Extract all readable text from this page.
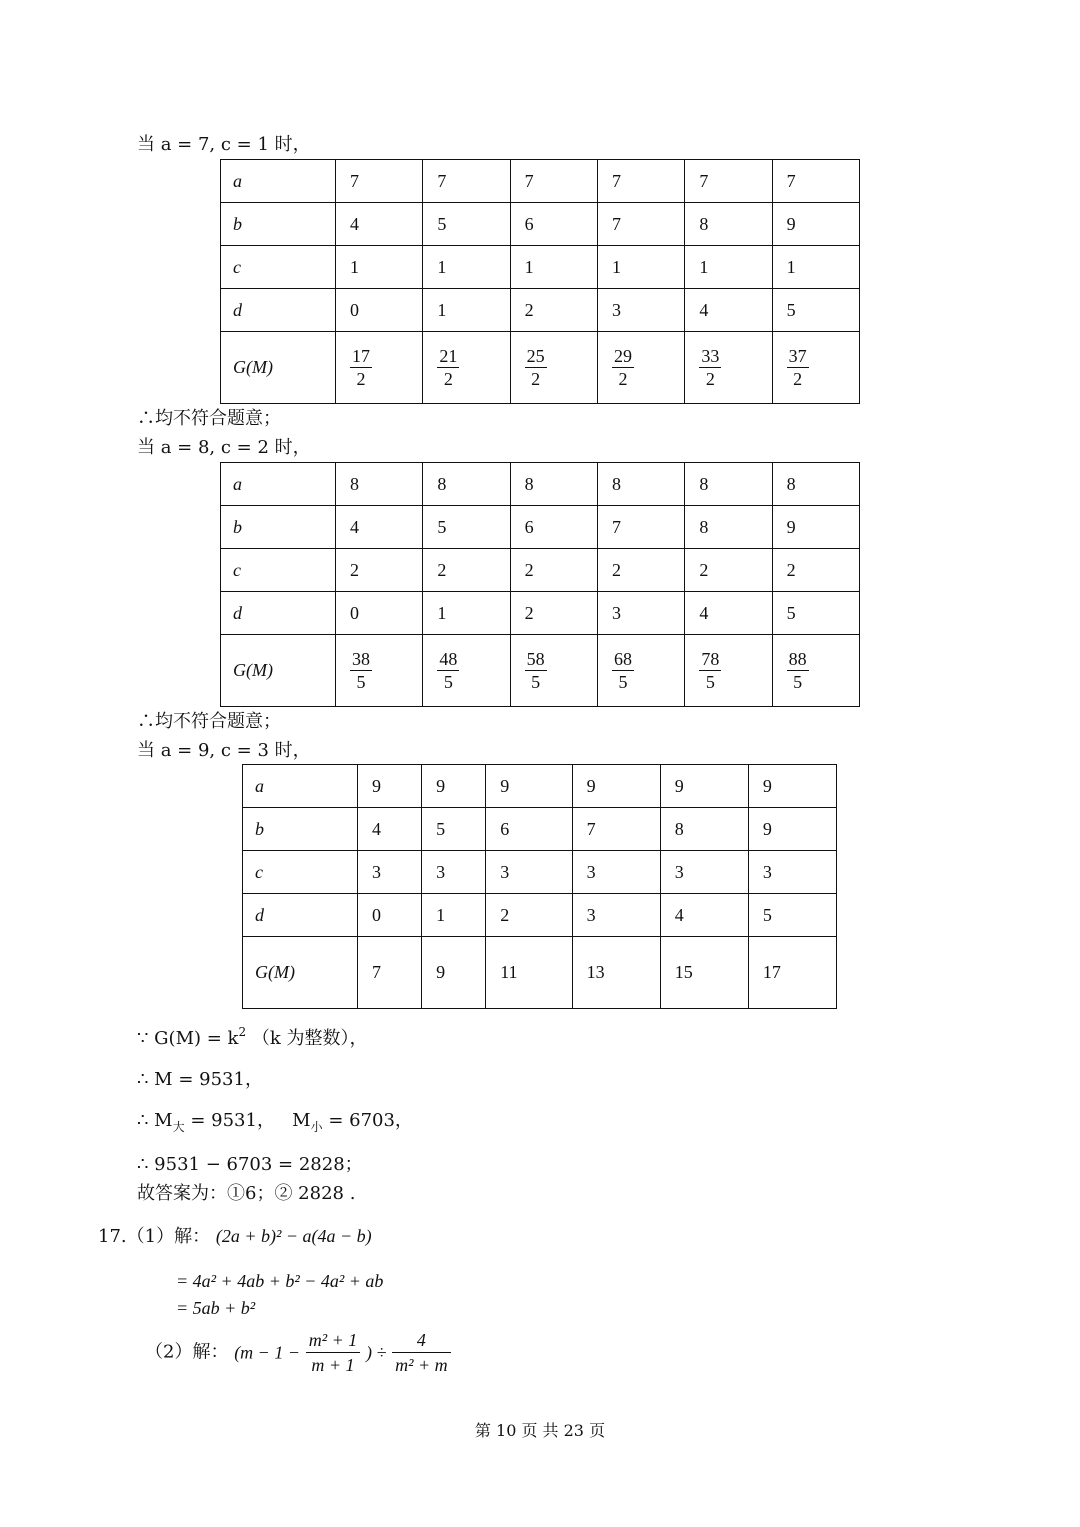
当 a = 7, c = 1 时，
a	7	7	7	7	7	7
b	4	5	6	7	8	9
c	1	1	1	1	1	1
d	0	1	2	3	4	5
G(M)	$\frac{17}{2}$	$\frac{21}{2}$	$\frac{25}{2}$	$\frac{29}{2}$	$\frac{33}{2}$	$\frac{37}{2}$
∴均不符合题意；
当 a = 8, c = 2 时，
a	8	8	8	8	8	8
b	4	5	6	7	8	9
c	2	2	2	2	2	2
d	0	1	2	3	4	5
G(M)	$\frac{38}{5}$	$\frac{48}{5}$	$\frac{58}{5}$	$\frac{68}{5}$	$\frac{78}{5}$	$\frac{88}{5}$
∴均不符合题意；
当 a = 9, c = 3 时，
a	9	9	9	9	9	9
b	4	5	6	7	8	9
c	3	3	3	3	3	3
d	0	1	2	3	4	5
G(M)	7	9	11	13	15	17
∵ $G(M) = k^2$ （k 为整数），
∴ M = 9531，
∴ $M_大 = 9531$， $M_小 = 6703$，
∴ 9531 − 6703 = 2828；
故答案为：①6；② 2828 .
17.（1）解： (2a + b)² − a(4a − b)
= 4a² + 4ab + b² − 4a² + ab
= 5ab + b²
（2）解： ($m - 1 - \frac{\text{m² + 1}}{m + 1}$ ) ÷ $\frac{4}{\text{m² + m}}$
第 10 页 共 23 页
